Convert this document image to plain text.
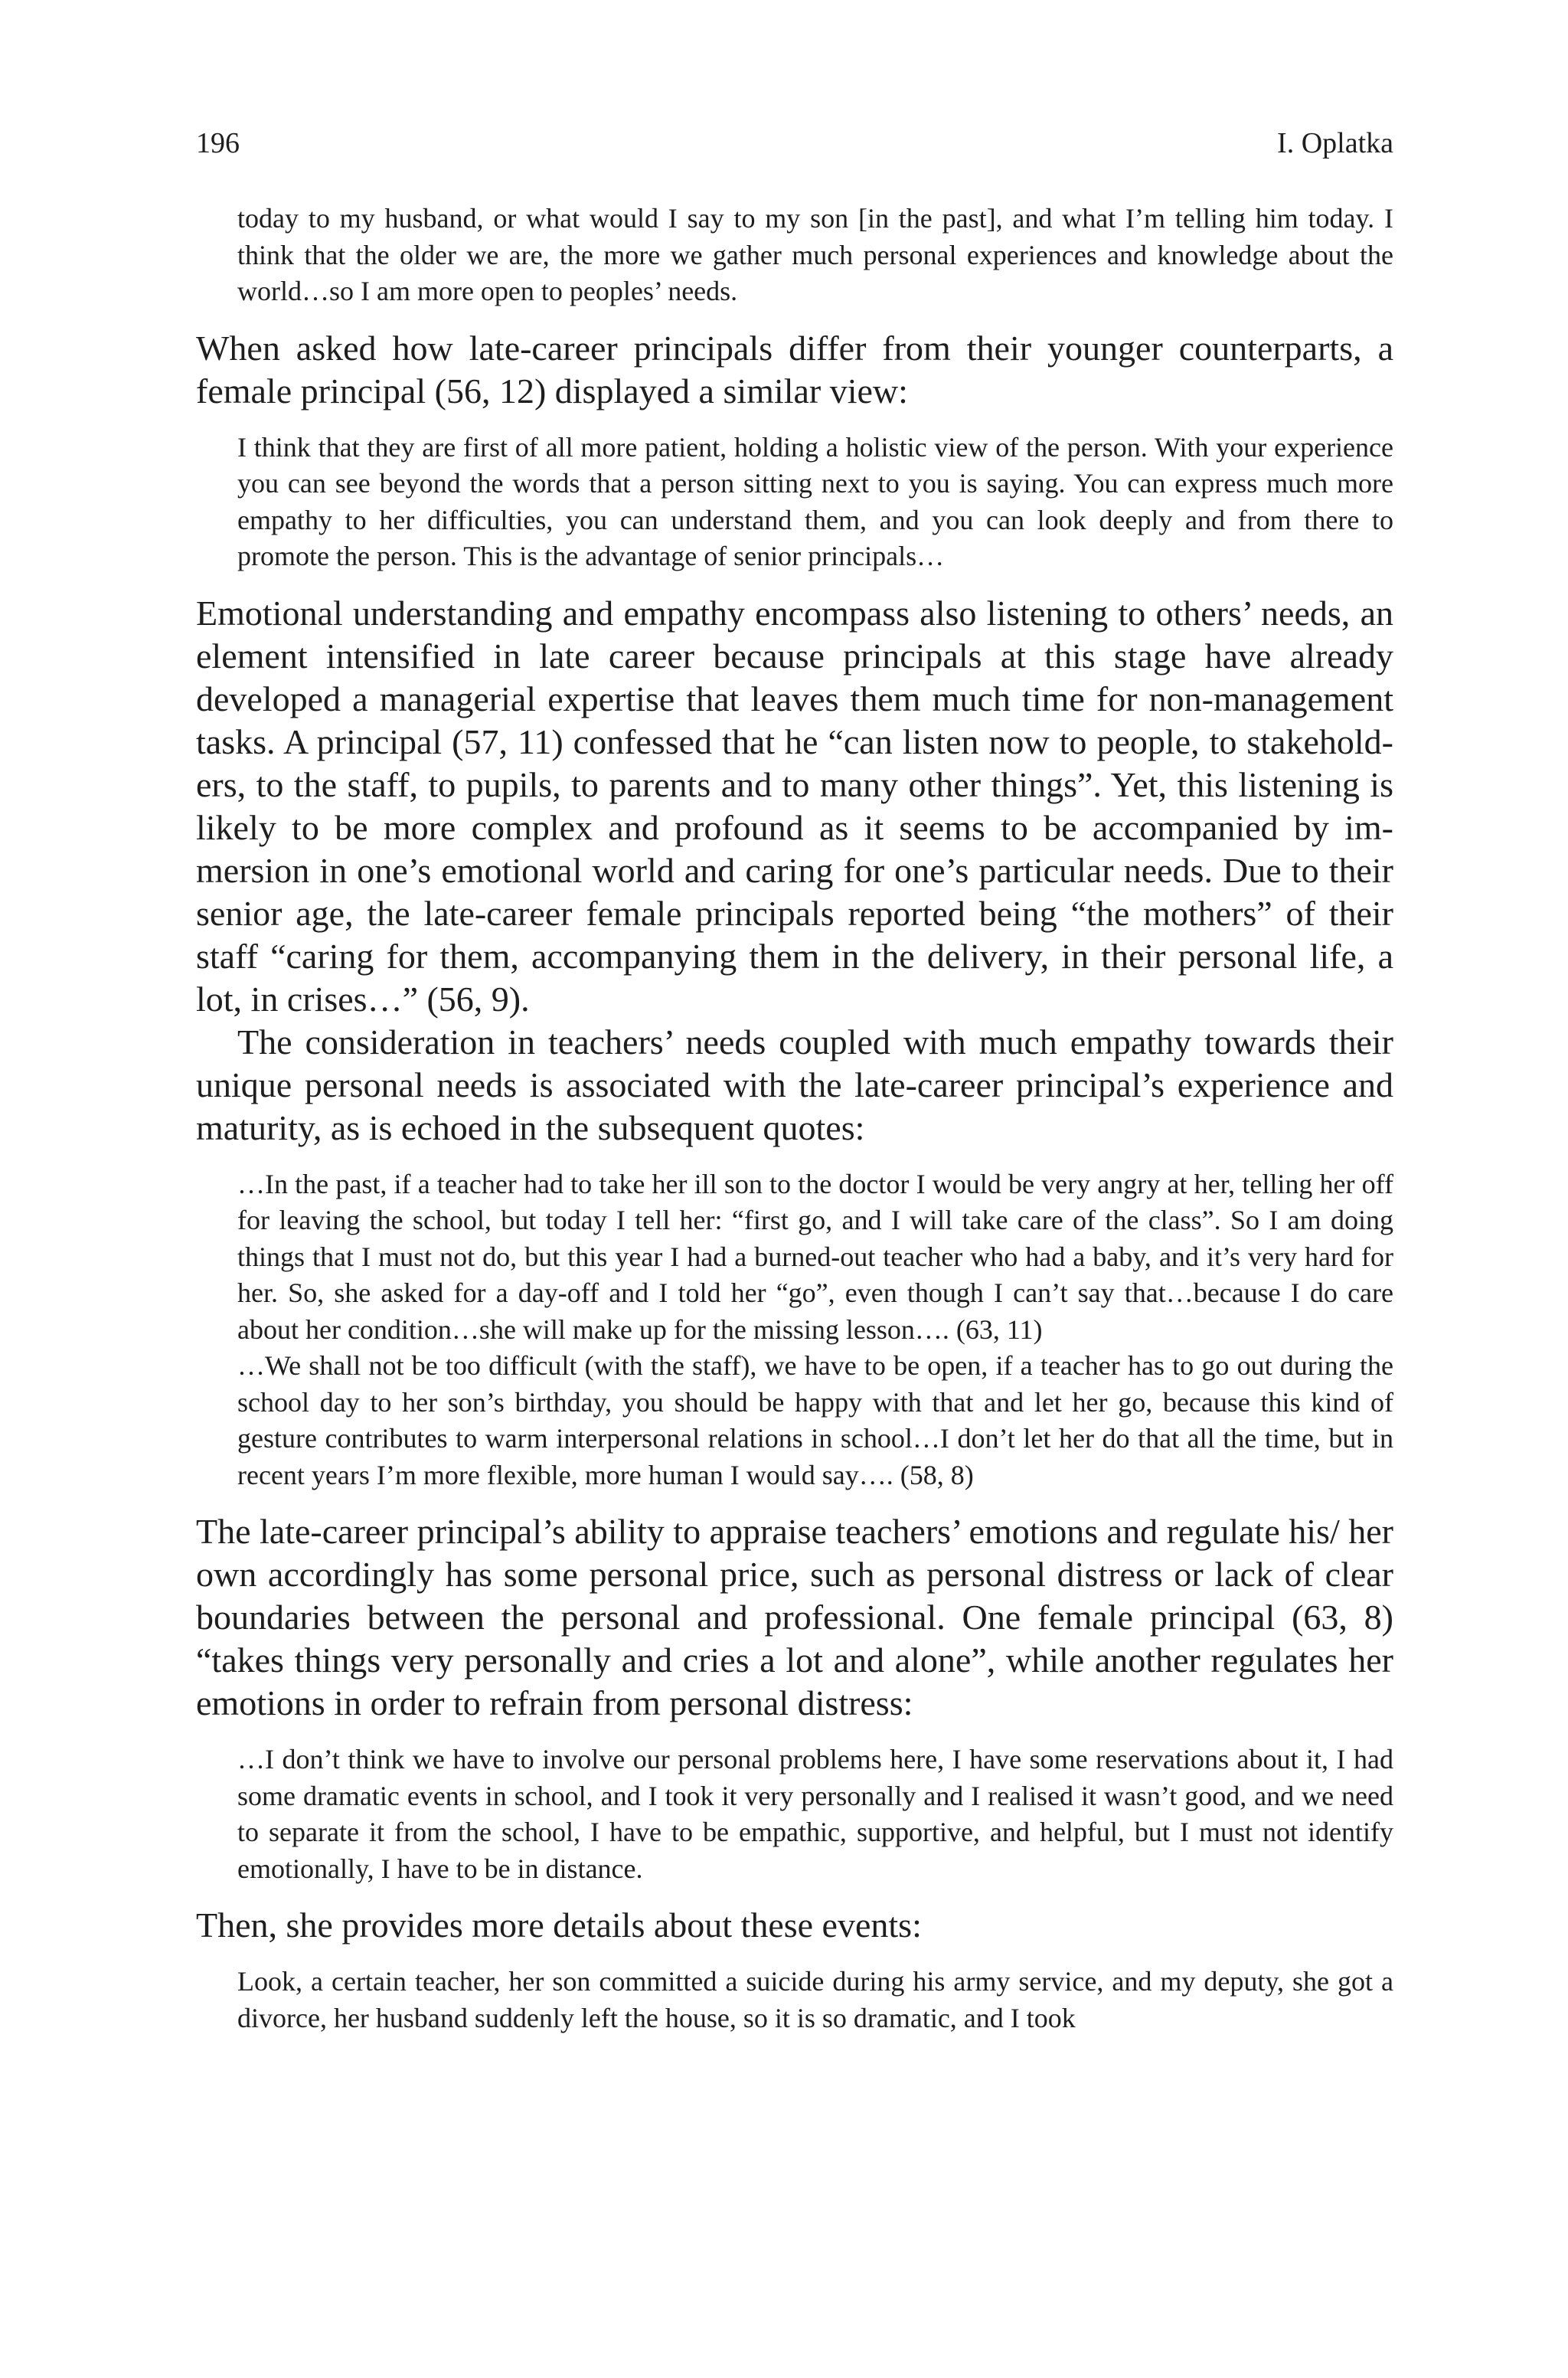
196	I. Oplatka

today to my husband, or what would I say to my son [in the past], and what I’m telling him today. I think that the older we are, the more we gather much personal experiences and knowledge about the world…so I am more open to peoples’ needs.

When asked how late-career principals differ from their younger counterparts, a female principal (56, 12) displayed a similar view:

I think that they are first of all more patient, holding a holistic view of the person. With your experience you can see beyond the words that a person sitting next to you is saying. You can express much more empathy to her difficulties, you can understand them, and you can look deeply and from there to promote the person. This is the advantage of senior principals…

Emotional understanding and empathy encompass also listening to others’ needs, an element intensified in late career because principals at this stage have already developed a managerial expertise that leaves them much time for non-management tasks. A principal (57, 11) confessed that he “can listen now to people, to stakeholders, to the staff, to pupils, to parents and to many other things”. Yet, this listening is likely to be more complex and profound as it seems to be accompanied by immersion in one’s emotional world and caring for one’s particular needs. Due to their senior age, the late-career female principals reported being “the mothers” of their staff “caring for them, accompanying them in the delivery, in their personal life, a lot, in crises…” (56, 9).

The consideration in teachers’ needs coupled with much empathy towards their unique personal needs is associated with the late-career principal’s experience and maturity, as is echoed in the subsequent quotes:

…In the past, if a teacher had to take her ill son to the doctor I would be very angry at her, telling her off for leaving the school, but today I tell her: “first go, and I will take care of the class”. So I am doing things that I must not do, but this year I had a burned-out teacher who had a baby, and it’s very hard for her. So, she asked for a day-off and I told her “go”, even though I can’t say that…because I do care about her condition…she will make up for the missing lesson…. (63, 11)

…We shall not be too difficult (with the staff), we have to be open, if a teacher has to go out during the school day to her son’s birthday, you should be happy with that and let her go, because this kind of gesture contributes to warm interpersonal relations in school…I don’t let her do that all the time, but in recent years I’m more flexible, more human I would say…. (58, 8)

The late-career principal’s ability to appraise teachers’ emotions and regulate his/ her own accordingly has some personal price, such as personal distress or lack of clear boundaries between the personal and professional. One female principal (63, 8) “takes things very personally and cries a lot and alone”, while another regulates her emotions in order to refrain from personal distress:

…I don’t think we have to involve our personal problems here, I have some reservations about it, I had some dramatic events in school, and I took it very personally and I realised it wasn’t good, and we need to separate it from the school, I have to be empathic, supportive, and helpful, but I must not identify emotionally, I have to be in distance.

Then, she provides more details about these events:

Look, a certain teacher, her son committed a suicide during his army service, and my deputy, she got a divorce, her husband suddenly left the house, so it is so dramatic, and I took
